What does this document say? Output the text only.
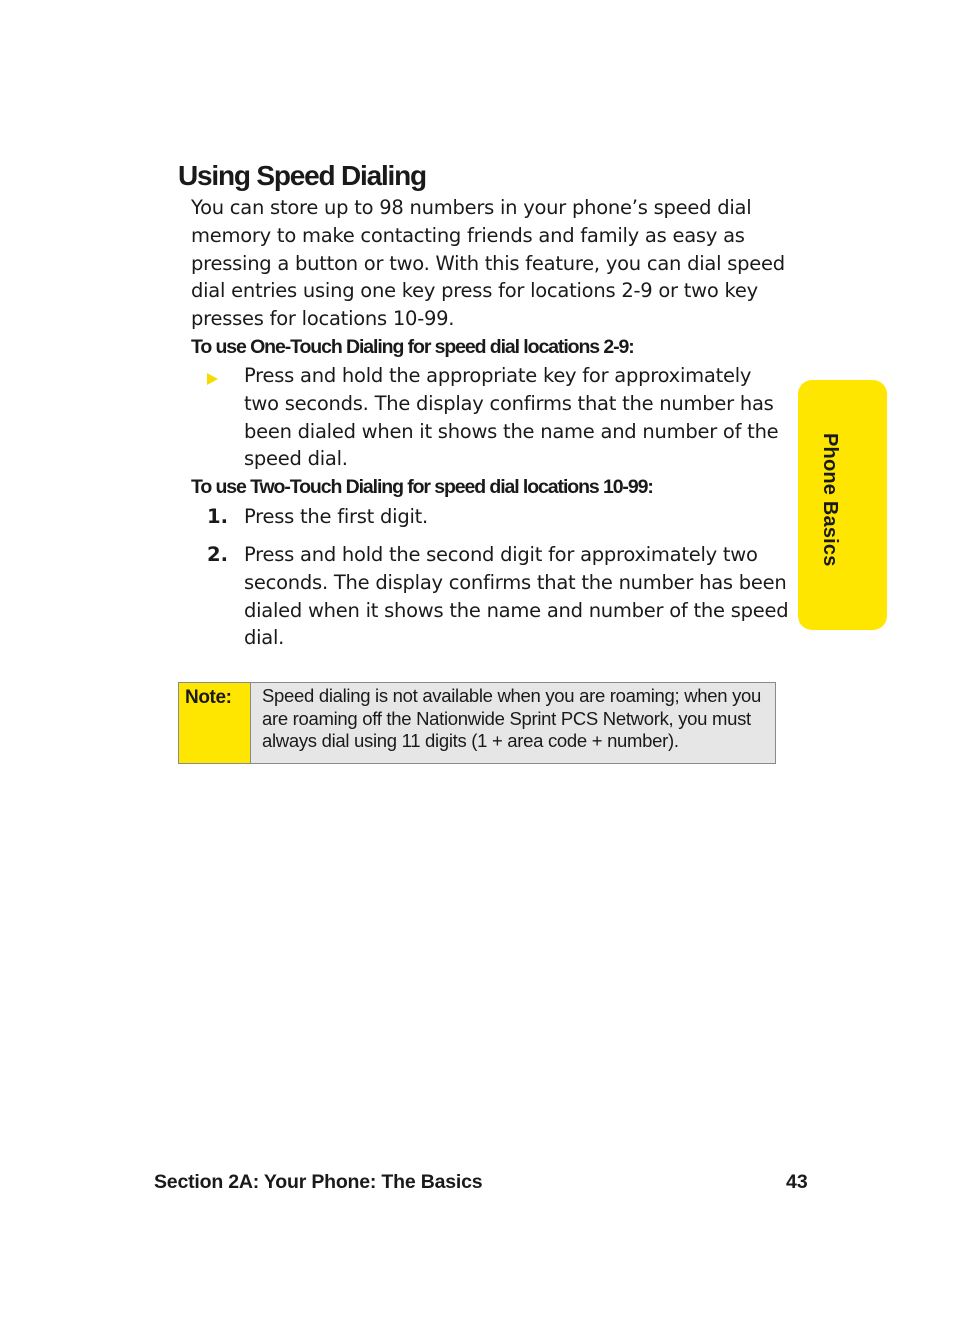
Using Speed Dialing

You can store up to 98 numbers in your phone’s speed dial memory to make contacting friends and family as easy as pressing a button or two. With this feature, you can dial speed dial entries using one key press for locations 2-9 or two key presses for locations 10-99.

To use One-Touch Dialing for speed dial locations 2-9:

Press and hold the appropriate key for approximately two seconds. The display confirms that the number has been dialed when it shows the name and number of the speed dial.

To use Two-Touch Dialing for speed dial locations 10-99:
1. Press the first digit.

2. Press and hold the second digit for approximately two seconds. The display confirms that the number has been dialed when it shows the name and number of the speed dial.

Note: Speed dialing is not available when you are roaming; when you are roaming off the Nationwide Sprint PCS Network, you must always dial using 11 digits (1 + area code + number).

Phone Basics
Section 2A: Your Phone: The Basics	43
